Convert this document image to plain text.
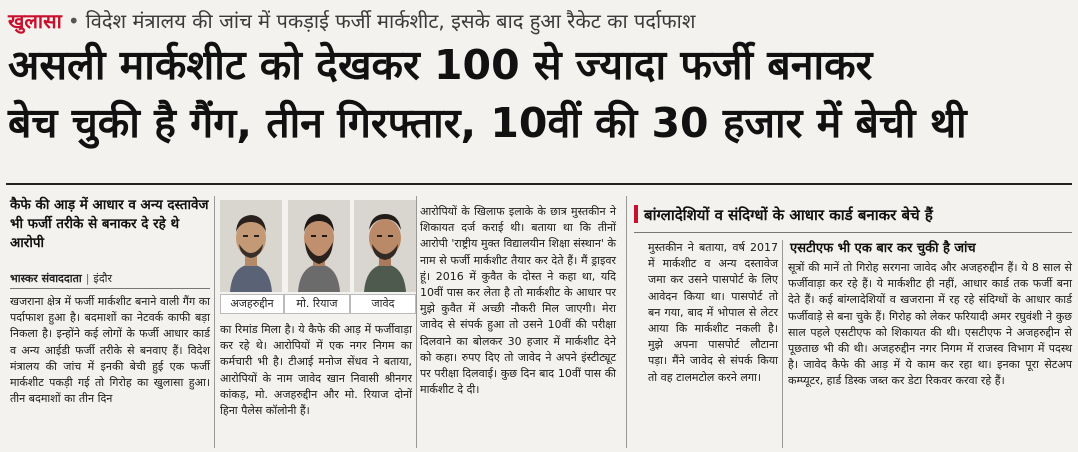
खुलासा • विदेश मंत्रालय की जांच में पकड़ाई फर्जी मार्कशीट, इसके बाद हुआ रैकेट का पर्दाफाश
असली मार्कशीट को देखकर 100 से ज्यादा फर्जी बनाकर
बेच चुकी है गैंग, तीन गिरफ्तार, 10वीं की 30 हजार में बेची थी
कैफे की आड़ में आधार व अन्य दस्तावेज भी फर्जी तरीके से बनाकर दे रहे थे आरोपी
भास्कर संवाददाता | इंदौर

खजराना क्षेत्र में फर्जी मार्कशीट बनाने वाली गैंग का पर्दाफाश हुआ है। बदमाशों का नेटवर्क काफी बड़ा निकला है। इन्होंने कई लोगों के फर्जी आधार कार्ड व अन्य आईडी फर्जी तरीके से बनवाए हैं। विदेश मंत्रालय की जांच में इनकी बेची हुई एक फर्जी मार्कशीट पकड़ी गई तो गिरोह का खुलासा हुआ। तीन बदमाशों का तीन दिन

अजहरुद्दीन	मो. रियाज	जावेद

का रिमांड मिला है। ये कैफे की आड़ में फर्जीवाड़ा कर रहे थे। आरोपियों में एक नगर निगम का कर्मचारी भी है। टीआई मनोज सेंधव ने बताया, आरोपियों के नाम जावेद खान निवासी श्रीनगर कांकड़, मो. अजहरुद्दीन और मो. रियाज दोनों हिना पैलेस कॉलोनी हैं।

आरोपियों के खिलाफ इलाके के छात्र मुस्तकीन ने शिकायत दर्ज कराई थी। बताया था कि तीनों आरोपी 'राष्ट्रीय मुक्त विद्यालयीन शिक्षा संस्थान' के नाम से फर्जी मार्कशीट तैयार कर देते हैं। मैं ड्राइवर हूं। 2016 में कुवैत के दोस्त ने कहा था, यदि 10वीं पास कर लेता है तो मार्कशीट के आधार पर मुझे कुवैत में अच्छी नौकरी मिल जाएगी। मेरा जावेद से संपर्क हुआ तो उसने 10वीं की परीक्षा दिलवाने का बोलकर 30 हजार में मार्कशीट देने को कहा। रुपए दिए तो जावेद ने अपने इंस्टीट्यूट पर परीक्षा दिलवाई। कुछ दिन बाद 10वीं पास की मार्कशीट दे दी।

बांग्लादेशियों व संदिग्धों के आधार कार्ड बनाकर बेचे हैं

मुस्तकीन ने बताया, वर्ष 2017 में मार्कशीट व अन्य दस्तावेज जमा कर उसने पासपोर्ट के लिए आवेदन किया था। पासपोर्ट तो बन गया, बाद में भोपाल से लेटर आया कि मार्कशीट नकली है। मुझे अपना पासपोर्ट लौटाना पड़ा। मैंने जावेद से संपर्क किया तो वह टालमटोल करने लगा।

एसटीएफ भी एक बार कर चुकी है जांच

सूत्रों की मानें तो गिरोह सरगना जावेद और अजहरुद्दीन हैं। ये 8 साल से फर्जीवाड़ा कर रहे हैं। ये मार्कशीट ही नहीं, आधार कार्ड तक फर्जी बना देते हैं। कई बांग्लादेशियों व खजराना में रह रहे संदिग्धों के आधार कार्ड फर्जीवाड़े से बना चुके हैं। गिरोह को लेकर फरियादी अमर रघुवंशी ने कुछ साल पहले एसटीएफ को शिकायत की थी। एसटीएफ ने अजहरुद्दीन से पूछताछ भी की थी। अजहरुद्दीन नगर निगम में राजस्व विभाग में पदस्थ है। जावेद कैफे की आड़ में ये काम कर रहा था। इनका पूरा सेटअप कम्प्यूटर, हार्ड डिस्क जब्त कर डेटा रिकवर करवा रहे हैं।
